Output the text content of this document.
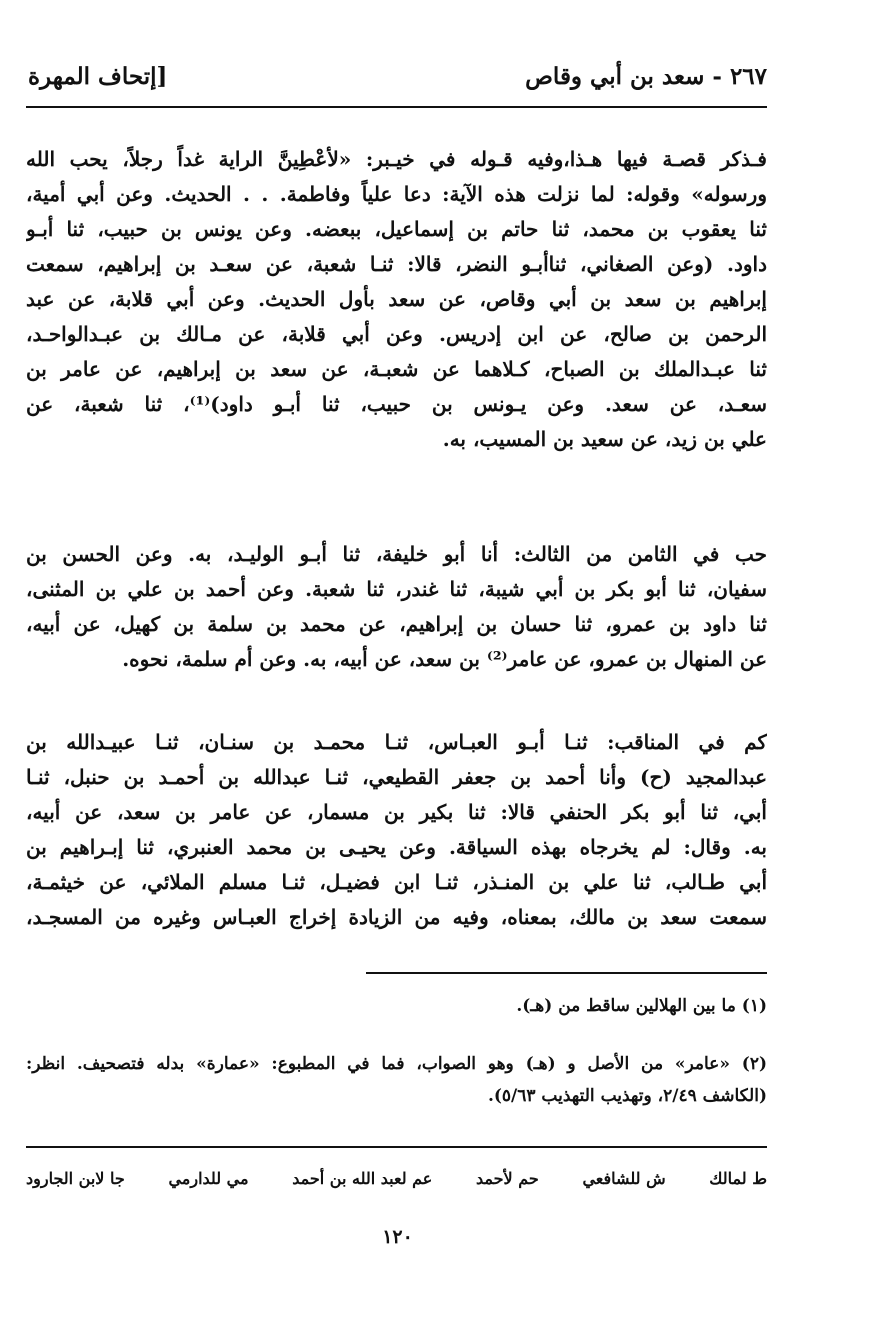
٢٦٧ - سعد بن أبي وقاص
[إتحاف المهرة
فـذكر قصـة فيها هـذا،وفيه قـوله في خيـبر: «لأعْطِينَّ الراية غداً رجلاً، يحب الله
ورسوله» وقوله: لما نزلت هذه الآية: دعا علياً وفاطمة. . . الحديث. وعن أبي أمية،
ثنا يعقوب بن محمد، ثنا حاتم بن إسماعيل، ببعضه. وعن يونس بن حبيب، ثنا أبـو
داود. (وعن الصغاني، ثناأبـو النضر، قالا: ثنـا شعبة، عن سعـد بن إبراهيم، سمعت
إبراهيم بن سعد بن أبي وقاص، عن سعد بأول الحديث. وعن أبي قلابة، عن عبد
الرحمن بن صالح، عن ابن إدريس. وعن أبي قلابة، عن مـالك بن عبـدالواحـد،
ثنا عبـدالملك بن الصباح، كـلاهما عن شعبـة، عن سعد بن إبراهيم، عن عامر بن
سعـد، عن سعد. وعن يـونس بن حبيب، ثنا أبـو داود)⁽¹⁾، ثنا شعبة، عن
علي بن زيد، عن سعيد بن المسيب، به.
حب في الثامن من الثالث: أنا أبو خليفة، ثنا أبـو الوليـد، به. وعن الحسن بن
سفيان، ثنا أبو بكر بن أبي شيبة، ثنا غندر، ثنا شعبة. وعن أحمد بن علي بن المثنى،
ثنا داود بن عمرو، ثنا حسان بن إبراهيم، عن محمد بن سلمة بن كهيل، عن أبيه،
عن المنهال بن عمرو، عن عامر⁽²⁾ بن سعد، عن أبيه، به. وعن أم سلمة، نحوه.
كم في المناقب: ثنـا أبـو العبـاس، ثنـا محمـد بن سنـان، ثنـا عبيـدالله بن
عبدالمجيد (ح) وأنا أحمد بن جعفر القطيعي، ثنـا عبدالله بن أحمـد بن حنبل، ثنـا
أبي، ثنا أبو بكر الحنفي قالا: ثنا بكير بن مسمار، عن عامر بن سعد، عن أبيه،
به. وقال: لم يخرجاه بهذه السياقة. وعن يحيـى بن محمد العنبري، ثنا إبـراهيم بن
أبي طـالب، ثنا علي بن المنـذر، ثنـا ابن فضيـل، ثنـا مسلم الملائي، عن خيثمـة،
سمعت سعد بن مالك، بمعناه، وفيه من الزيادة إخراج العبـاس وغيره من المسجـد،
(١) ما بين الهلالين ساقط من (هـ).
(٢) «عامر» من الأصل و (هـ) وهو الصواب، فما في المطبوع: «عمارة» بدله فتصحيف. انظر:
(الكاشف ٢/٤٩، وتهذيب التهذيب ٥/٦٣).
ط لمالك
ش للشافعي
حم لأحمد
عم لعبد الله بن أحمد
مي للدارمي
جا لابن الجارود
١٢٠
